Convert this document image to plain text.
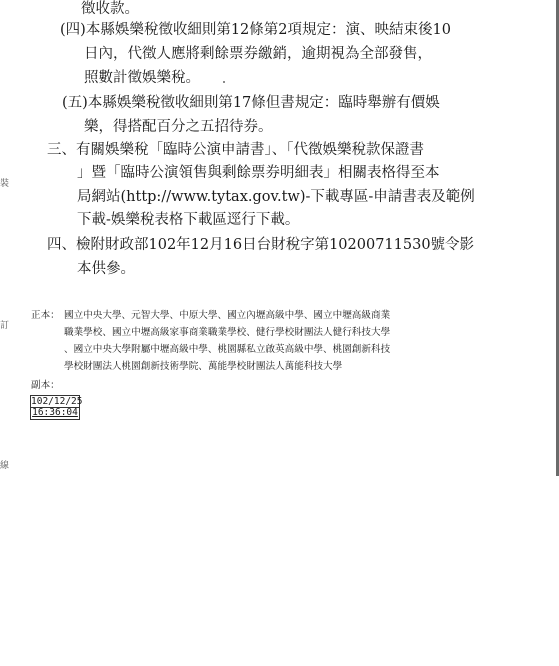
裝
訂
線
徵收款。
(四)本縣娛樂稅徵收細則第12條第2項規定：演、映結束後10
日內，代徵人應將剩餘票券繳銷，逾期視為全部發售，
照數計徵娛樂稅。
(五)本縣娛樂稅徵收細則第17條但書規定：臨時舉辦有價娛
樂，得搭配百分之五招待券。
三、有關娛樂稅「臨時公演申請書」、「代徵娛樂稅款保證書
」暨「臨時公演領售與剩餘票券明細表」相關表格得至本
局網站(http://www.tytax.gov.tw)-下載專區-申請書表及範例
下載-娛樂稅表格下載區逕行下載。
四、檢附財政部102年12月16日台財稅字第10200711530號令影
本供參。
正本： 國立中央大學、元智大學、中原大學、國立內壢高級中學、國立中壢高級商業
職業學校、國立中壢高級家事商業職業學校、健行學校財團法人健行科技大學
、國立中央大學附屬中壢高級中學、桃園縣私立啟英高級中學、桃園創新科技
學校財團法人桃園創新技術學院、萬能學校財團法人萬能科技大學
副本：
102/12/25
16:36:04
